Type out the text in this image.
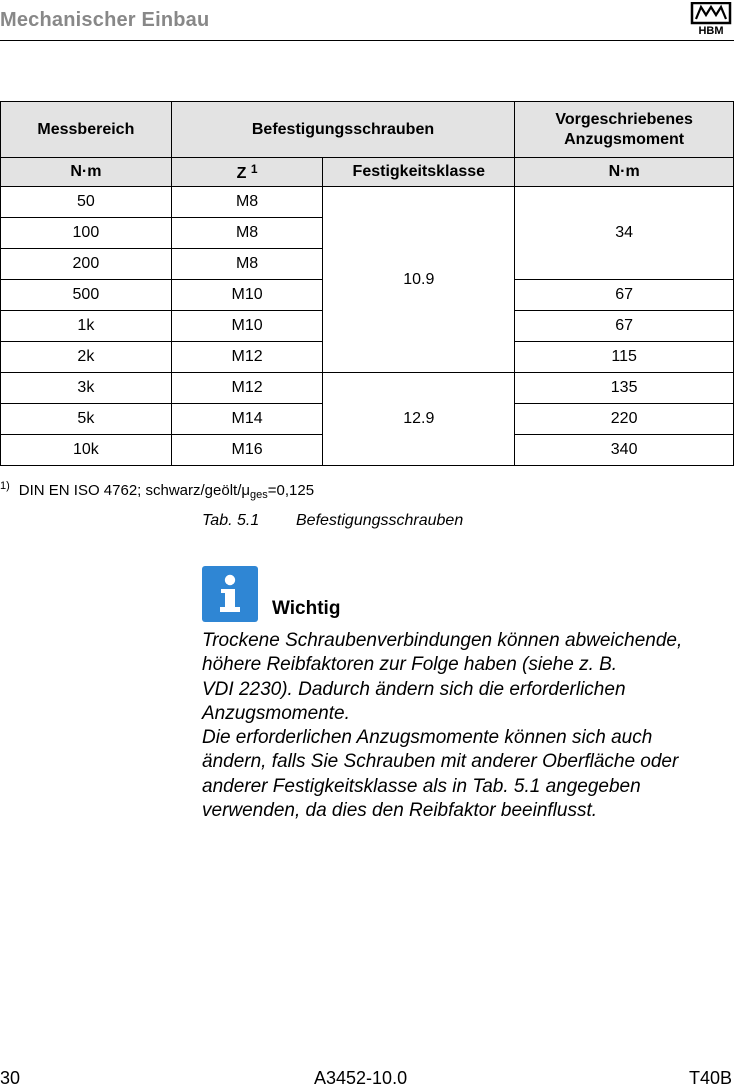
Mechanischer Einbau	HBM
Messbereich	Befestigungsschrauben		Vorgeschriebenes
Anzugsmoment
N·m	Z $^1$	Festigkeitsklasse	N·m
50	M8	10.9	34
100	M8		
200	M8		
500	M10		67
1k	M10		67
2k	M12		115
3k	M12	12.9	135
5k	M14		220
10k	M16		340
$^{1)}$ DIN EN ISO 4762; schwarz/$geölt/\mu_{ges}=0,125$
Tab. 5.1 Befestigungsschrauben
Wichtig

Trockene Schraubenverbindungen können abweichende,

höhere Reibfaktoren zur Folge haben (siehe z. B.

VDI 2230). Dadurch ändern sich die erforderlichen

Anzugsmomente.

Die erforderlichen Anzugsmomente können sich auch

ändern, falls Sie Schrauben mit anderer Oberfläche oder

anderer Festigkeitsklasse als in Tab. 5.1 angegeben

verwenden, da dies den Reibfaktor beeinflusst.

30	A3452-10.0	T40B
